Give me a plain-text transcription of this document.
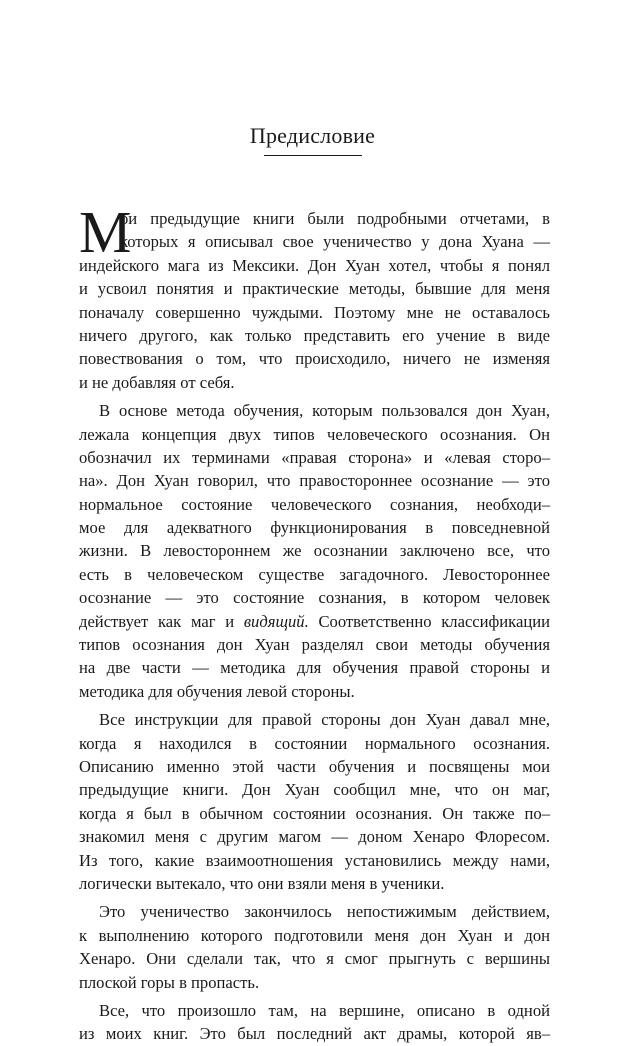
Предисловие
М
ои предыдущие книги были подробными отчетами, в
которых я описывал свое ученичество у дона Хуана —
индейского мага из Мексики. Дон Хуан хотел, чтобы я понял
и усвоил понятия и практические методы, бывшие для меня
поначалу совершенно чуждыми. Поэтому мне не оставалось
ничего другого, как только представить его учение в виде
повествования о том, что происходило, ничего не изменяя
и не добавляя от себя.
В основе метода обучения, которым пользовался дон Хуан,
лежала концепция двух типов человеческого осознания. Он
обозначил их терминами «правая сторона» и «левая сторо–
на». Дон Хуан говорил, что правостороннее осознание — это
нормальное состояние человеческого сознания, необходи–
мое для адекватного функционирования в повседневной
жизни. В левостороннем же осознании заключено все, что
есть в человеческом существе загадочного. Левостороннее
осознание — это состояние сознания, в котором человек
действует как маг и видящий. Соответственно классификации
типов осознания дон Хуан разделял свои методы обучения
на две части — методика для обучения правой стороны и
методика для обучения левой стороны.
Все инструкции для правой стороны дон Хуан давал мне,
когда я находился в состоянии нормального осознания.
Описанию именно этой части обучения и посвящены мои
предыдущие книги. Дон Хуан сообщил мне, что он маг,
когда я был в обычном состоянии осознания. Он также по–
знакомил меня с другим магом — доном Хенаро Флоресом.
Из того, какие взаимоотношения установились между нами,
логически вытекало, что они взяли меня в ученики.
Это ученичество закончилось непостижимым действием,
к выполнению которого подготовили меня дон Хуан и дон
Хенаро. Они сделали так, что я смог прыгнуть с вершины
плоской горы в пропасть.
Все, что произошло там, на вершине, описано в одной
из моих книг. Это был последний акт драмы, которой яв–
